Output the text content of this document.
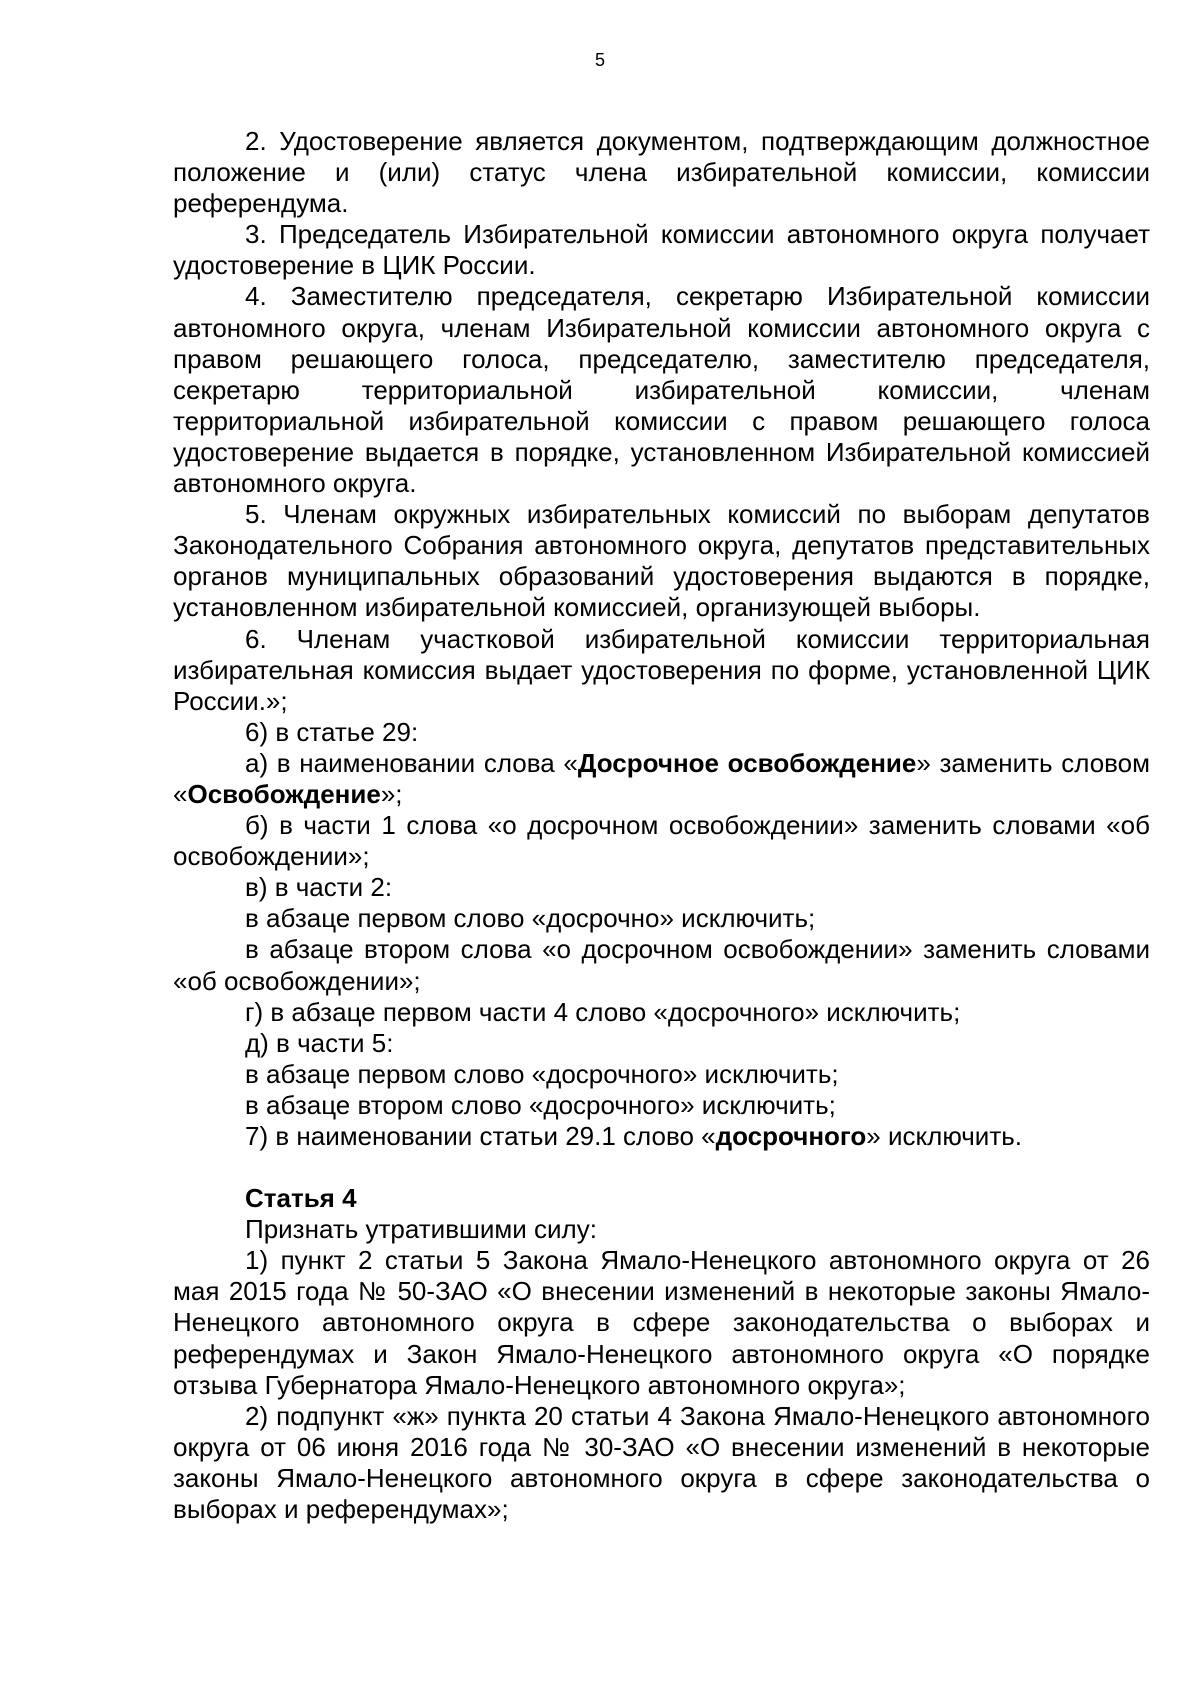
5

2. Удостоверение является документом, подтверждающим должностное положение и (или) статус члена избирательной комиссии, комиссии референдума.

3. Председатель Избирательной комиссии автономного округа получает удостоверение в ЦИК России.

4. Заместителю председателя, секретарю Избирательной комиссии автономного округа, членам Избирательной комиссии автономного округа с правом решающего голоса, председателю, заместителю председателя, секретарю территориальной избирательной комиссии, членам территориальной избирательной комиссии с правом решающего голоса удостоверение выдается в порядке, установленном Избирательной комиссией автономного округа.

5. Членам окружных избирательных комиссий по выборам депутатов Законодательного Собрания автономного округа, депутатов представительных органов муниципальных образований удостоверения выдаются в порядке, установленном избирательной комиссией, организующей выборы.

6. Членам участковой избирательной комиссии территориальная избирательная комиссия выдает удостоверения по форме, установленной ЦИК России.»;

6) в статье 29:

а) в наименовании слова «Досрочное освобождение» заменить словом «Освобождение»;

б) в части 1 слова «о досрочном освобождении» заменить словами «об освобождении»;

в) в части 2:

в абзаце первом слово «досрочно» исключить;

в абзаце втором слова «о досрочном освобождении» заменить словами «об освобождении»;

г) в абзаце первом части 4 слово «досрочного» исключить;

д) в части 5:

в абзаце первом слово «досрочного» исключить;

в абзаце втором слово «досрочного» исключить;

7) в наименовании статьи 29.1 слово «досрочного» исключить.

Статья 4

Признать утратившими силу:

1) пункт 2 статьи 5 Закона Ямало-Ненецкого автономного округа от 26 мая 2015 года № 50-ЗАО «О внесении изменений в некоторые законы Ямало-Ненецкого автономного округа в сфере законодательства о выборах и референдумах и Закон Ямало-Ненецкого автономного округа «О порядке отзыва Губернатора Ямало-Ненецкого автономного округа»;

2) подпункт «ж» пункта 20 статьи 4 Закона Ямало-Ненецкого автономного округа от 06 июня 2016 года № 30-ЗАО «О внесении изменений в некоторые законы Ямало-Ненецкого автономного округа в сфере законодательства о выборах и референдумах»;
